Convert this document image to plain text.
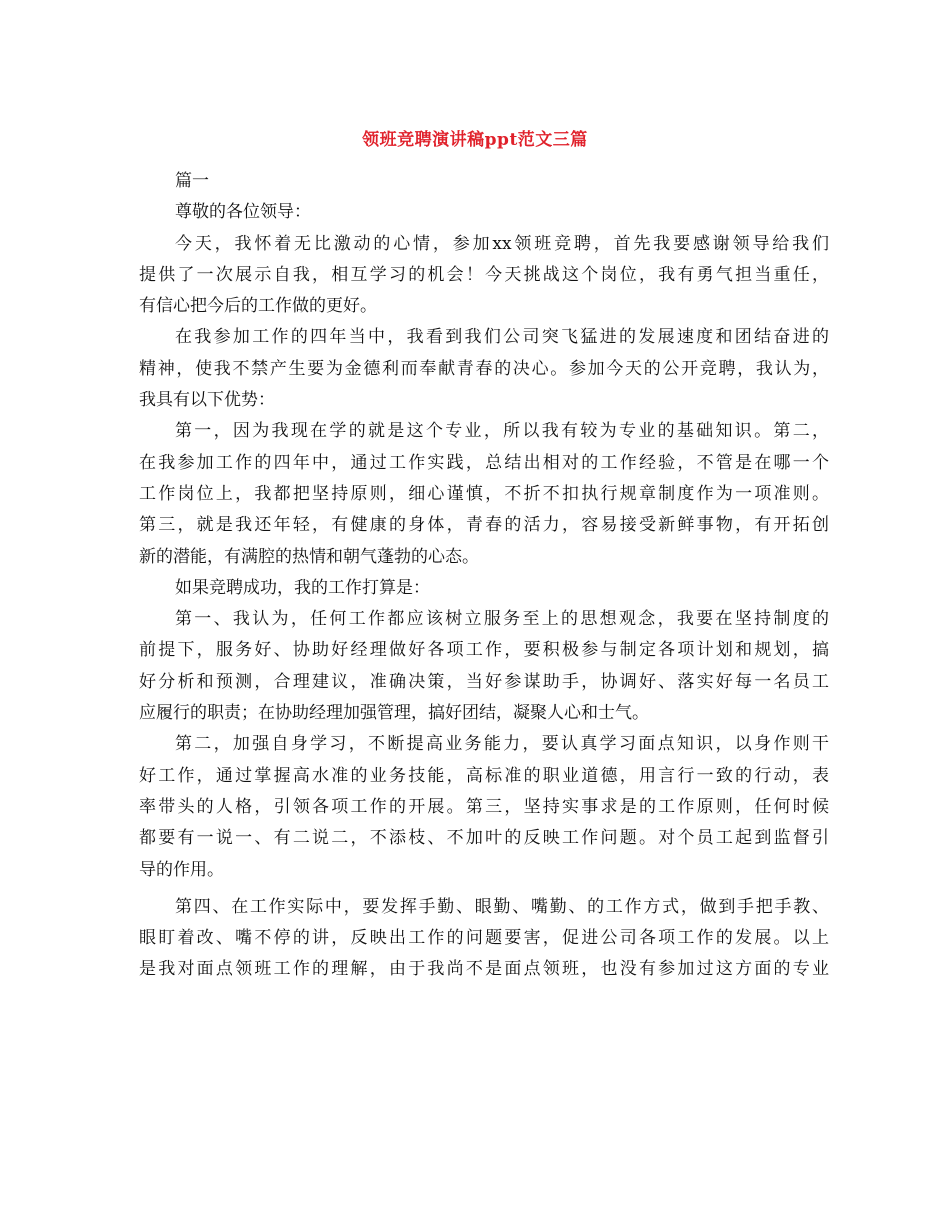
领班竞聘演讲稿ppt范文三篇
篇一
尊敬的各位领导：
今天，我怀着无比激动的心情，参加xx领班竞聘，首先我要感谢领导给我们
提供了一次展示自我，相互学习的机会！今天挑战这个岗位，我有勇气担当重任，
有信心把今后的工作做的更好。
在我参加工作的四年当中，我看到我们公司突飞猛进的发展速度和团结奋进的
精神，使我不禁产生要为金德利而奉献青春的决心。参加今天的公开竞聘，我认为，
我具有以下优势：
第一，因为我现在学的就是这个专业，所以我有较为专业的基础知识。第二，
在我参加工作的四年中，通过工作实践，总结出相对的工作经验，不管是在哪一个
工作岗位上，我都把坚持原则，细心谨慎，不折不扣执行规章制度作为一项准则。
第三，就是我还年轻，有健康的身体，青春的活力，容易接受新鲜事物，有开拓创
新的潜能，有满腔的热情和朝气蓬勃的心态。
如果竞聘成功，我的工作打算是：
第一、我认为，任何工作都应该树立服务至上的思想观念，我要在坚持制度的
前提下，服务好、协助好经理做好各项工作，要积极参与制定各项计划和规划，搞
好分析和预测，合理建议，准确决策，当好参谋助手，协调好、落实好每一名员工
应履行的职责；在协助经理加强管理，搞好团结，凝聚人心和士气。
第二，加强自身学习，不断提高业务能力，要认真学习面点知识，以身作则干
好工作，通过掌握高水准的业务技能，高标准的职业道德，用言行一致的行动，表
率带头的人格，引领各项工作的开展。第三，坚持实事求是的工作原则，任何时候
都要有一说一、有二说二，不添枝、不加叶的反映工作问题。对个员工起到监督引
导的作用。
第四、在工作实际中，要发挥手勤、眼勤、嘴勤、的工作方式，做到手把手教、
眼盯着改、嘴不停的讲，反映出工作的问题要害，促进公司各项工作的发展。以上
是我对面点领班工作的理解，由于我尚不是面点领班，也没有参加过这方面的专业
